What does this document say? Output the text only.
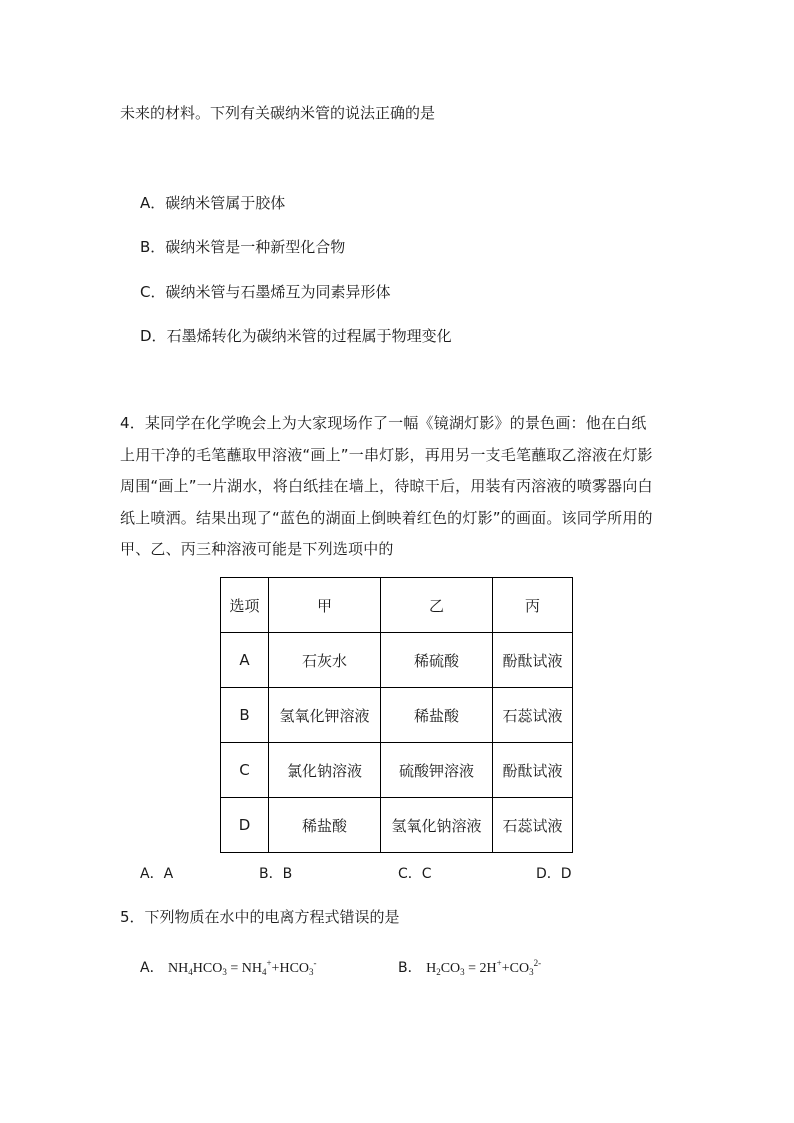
未来的材料。下列有关碳纳米管的说法正确的是
A．碳纳米管属于胶体
B．碳纳米管是一种新型化合物
C．碳纳米管与石墨烯互为同素异形体
D．石墨烯转化为碳纳米管的过程属于物理变化
4．某同学在化学晚会上为大家现场作了一幅《镜湖灯影》的景色画：他在白纸
上用干净的毛笔蘸取甲溶液“画上”一串灯影，再用另一支毛笔蘸取乙溶液在灯影
周围“画上”一片湖水，将白纸挂在墙上，待晾干后，用装有丙溶液的喷雾器向白
纸上喷洒。结果出现了“蓝色的湖面上倒映着红色的灯影”的画面。该同学所用的
甲、乙、丙三种溶液可能是下列选项中的
选项	甲	乙	丙
A	石灰水	稀硫酸	酚酞试液
B	氢氧化钾溶液	稀盐酸	石蕊试液
C	氯化钠溶液	硫酸钾溶液	酚酞试液
D	稀盐酸	氢氧化钠溶液	石蕊试液
A．A	B．B	C．C	D．D
5．下列物质在水中的电离方程式错误的是
A． $NH_4HCO_3 = NH_4^++HCO_3^-$	B． $H_2CO_3 = 2H^++CO_3^{2-}$
